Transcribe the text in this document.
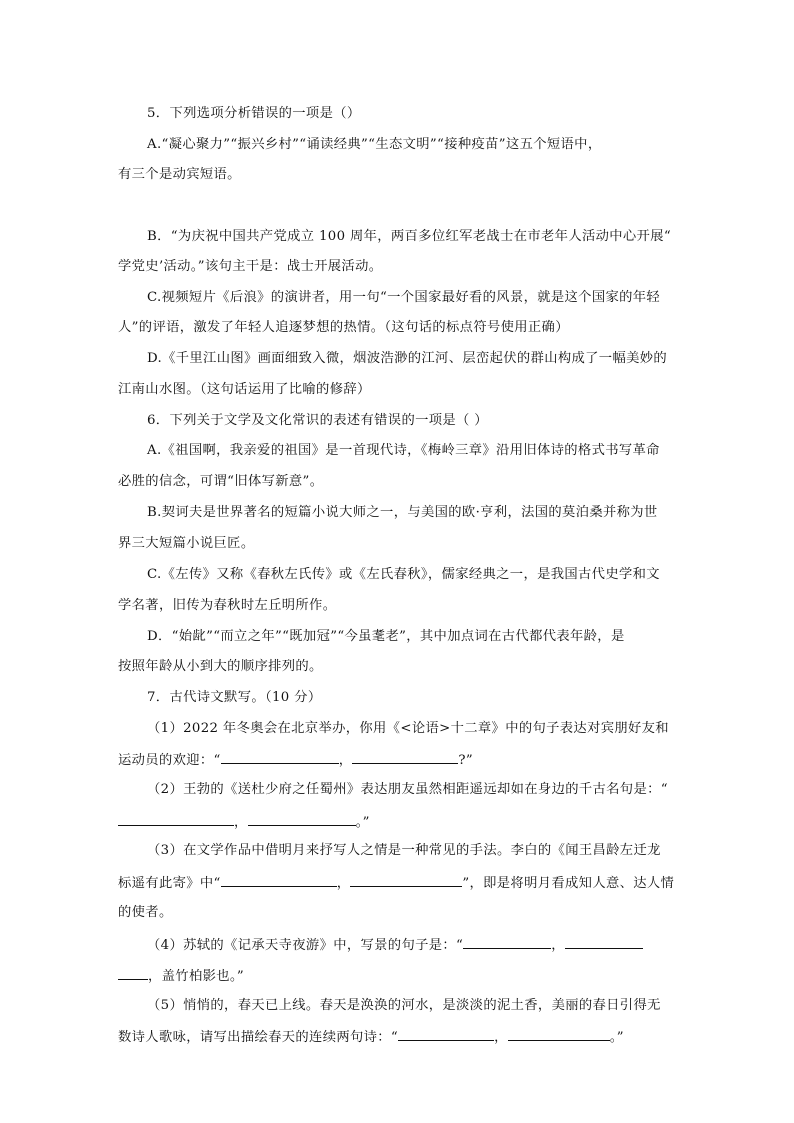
5．下列选项分析错误的一项是（）
A.“凝心聚力”“振兴乡村”“诵读经典”“生态文明”“接种疫苗”这五个短语中，
有三个是动宾短语。
B．“为庆祝中国共产党成立 100 周年，两百多位红军老战士在市老年人活动中心开展“
学党史’活动。”该句主干是：战士开展活动。
C.视频短片《后浪》的演讲者，用一句“一个国家最好看的风景，就是这个国家的年轻
人”的评语，激发了年轻人追逐梦想的热情。（这句话的标点符号使用正确）
D.《千里江山图》画面细致入微，烟波浩渺的江河、层峦起伏的群山构成了一幅美妙的
江南山水图。（这句话运用了比喻的修辞）
6．下列关于文学及文化常识的表述有错误的一项是（ ）
A.《祖国啊，我亲爱的祖国》是一首现代诗，《梅岭三章》沿用旧体诗的格式书写革命
必胜的信念，可谓“旧体写新意”。
B.契诃夫是世界著名的短篇小说大师之一，与美国的欧·亨利，法国的莫泊桑并称为世
界三大短篇小说巨匠。
C.《左传》又称《春秋左氏传》或《左氏春秋》，儒家经典之一，是我国古代史学和文
学名著，旧传为春秋时左丘明所作。
D．“始龀”“而立之年”“既加冠”“今虽耄老”，其中加点词在古代都代表年龄，是
按照年龄从小到大的顺序排列的。
7．古代诗文默写。（10 分）
（1）2022 年冬奥会在北京举办，你用《<论语>十二章》中的句子表达对宾朋好友和
运动员的欢迎：“	，	?”
（2）王勃的《送杜少府之任蜀州》表达朋友虽然相距遥远却如在身边的千古名句是：“
，	。”
（3）在文学作品中借明月来抒写人之情是一种常见的手法。李白的《闻王昌龄左迁龙
标遥有此寄》中“	，	”，即是将明月看成知人意、达人情
的使者。
（4）苏轼的《记承天寺夜游》中，写景的句子是：“	，
，盖竹柏影也。”
（5）悄悄的，春天已上线。春天是涣涣的河水，是淡淡的泥土香，美丽的春日引得无
数诗人歌咏，请写出描绘春天的连续两句诗：“	，	。”
